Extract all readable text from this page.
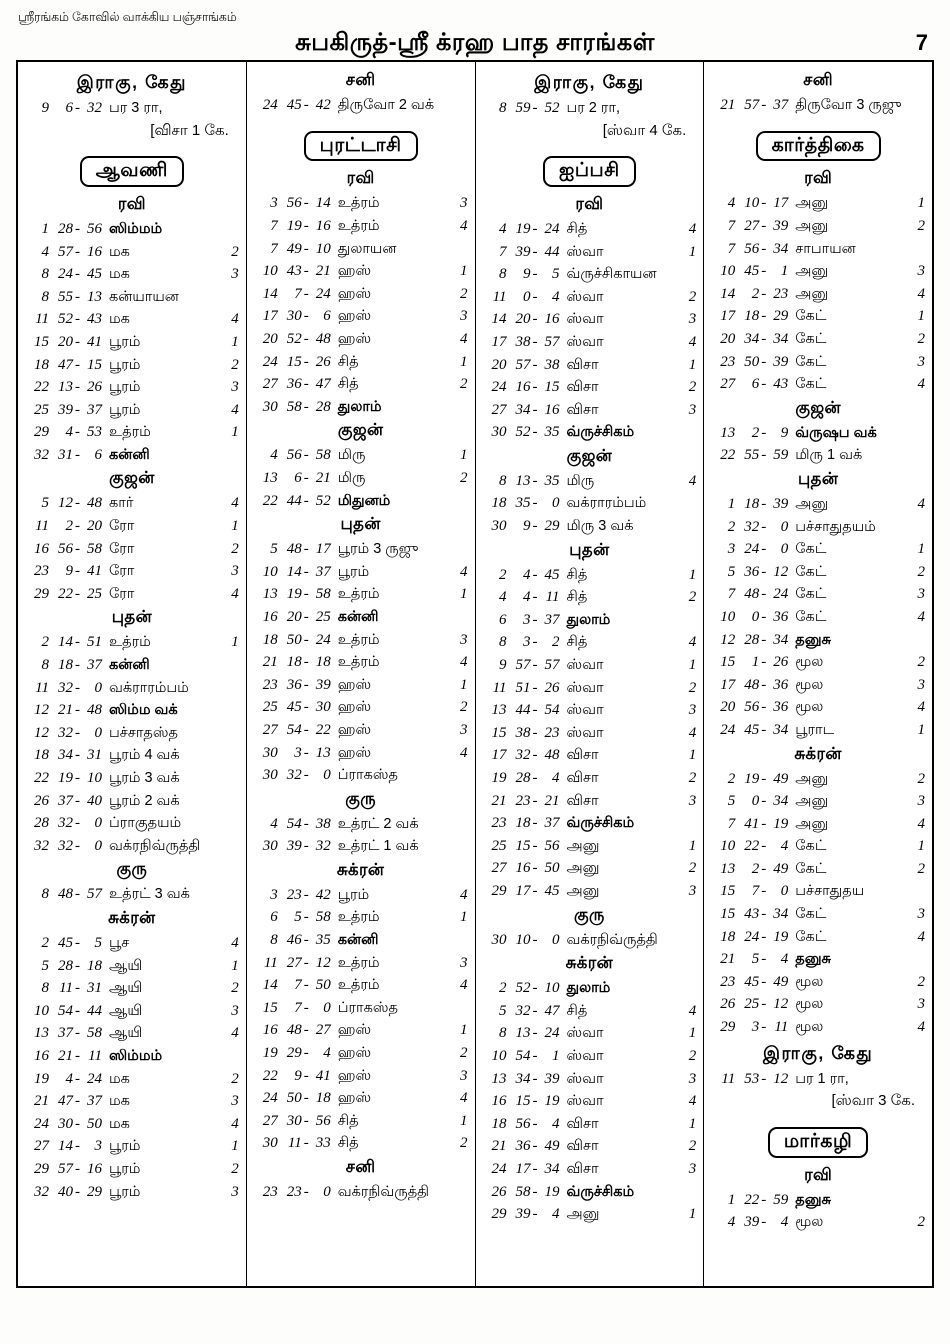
ஶ்ரீரங்கம் கோவில் வாக்கிய பஞ்சாங்கம்
சுபகிருத்-ஶ்ரீ க்ரஹ பாத சாரங்கள்	7
இராகு, கேது
9	6 - 32 பர 3 ரா,
[விசா 1 கே.
ஆவணி
ரவி
1 28 - 56 ஸிம்மம்
4 57 - 16 மக	2
8 24 - 45 மக	3
8 55 - 13 கன்யாயன
11 52 - 43 மக	4
15 20 - 41 பூரம்	1
18 47 - 15 பூரம்	2
22 13 - 26 பூரம்	3
25 39 - 37 பூரம்	4
29	4 - 53 உத்ரம்	1
32 31 - 6 கன்னி
குஜன்
5 12 - 48 கார்	4
11	2 - 20 ரோ	1
16 56 - 58 ரோ	2
23	9 - 41 ரோ	3
29 22 - 25 ரோ	4
புதன்
2 14 - 51 உத்ரம்	1
8 18 - 37 கன்னி
11 32 - 0 வக்ராரம்பம்
12 21 - 48 ஸிம்ம வக்
12 32 - 0 பச்சாதஸ்த
18 34 - 31 பூரம் 4 வக்
22 19 - 10 பூரம் 3 வக்
26 37 - 40 பூரம் 2 வக்
28 32 - 0 ப்ராகுதயம்
32 32 - 0 வக்ரநிவ்ருத்தி
குரு
8 48 - 57 உத்ரட் 3 வக்
சுக்ரன்
2 45 - 5 பூச	4
5 28 - 18 ஆயி	1
8 11 - 31 ஆயி	2
10 54 - 44 ஆயி	3
13 37 - 58 ஆயி	4
16 21 - 11 ஸிம்மம்
19	4 - 24 மக	2
21 47 - 37 மக	3
24 30 - 50 மக	4
27 14 - 3 பூரம்	1
29 57 - 16 பூரம்	2
32 40 - 29 பூரம்	3
சனி
24 45 - 42 திருவோ 2 வக்
புரட்டாசி
ரவி
3 56 - 14 உத்ரம்	3
7 19 - 16 உத்ரம்	4
7 49 - 10 துலாயன
10 43 - 21 ஹஸ்	1
14	7 - 24 ஹஸ்	2
17 30 - 6 ஹஸ்	3
20 52 - 48 ஹஸ்	4
24 15 - 26 சித்	1
27 36 - 47 சித்	2
30 58 - 28 துலாம்
குஜன்
4 56 - 58 மிரு	1
13	6 - 21 மிரு	2
22 44 - 52 மிதுனம்
புதன்
5 48 - 17 பூரம் 3 ருஜு
10 14 - 37 பூரம்	4
13 19 - 58 உத்ரம்	1
16 20 - 25 கன்னி
18 50 - 24 உத்ரம்	3
21 18 - 18 உத்ரம்	4
23 36 - 39 ஹஸ்	1
25 45 - 30 ஹஸ்	2
27 54 - 22 ஹஸ்	3
30	3 - 13 ஹஸ்	4
30 32 - 0 ப்ராகஸ்த
குரு
4 54 - 38 உத்ரட் 2 வக்
30 39 - 32 உத்ரட் 1 வக்
சுக்ரன்
3 23 - 42 பூரம்	4
6	5 - 58 உத்ரம்	1
8 46 - 35 கன்னி
11 27 - 12 உத்ரம்	3
14	7 - 50 உத்ரம்	4
15	7 - 0 ப்ராகஸ்த
16 48 - 27 ஹஸ்	1
19 29 - 4 ஹஸ்	2
22	9 - 41 ஹஸ்	3
24 50 - 18 ஹஸ்	4
27 30 - 56 சித்	1
30 11 - 33 சித்	2
சனி
23 23 - 0 வக்ரநிவ்ருத்தி
இராகு, கேது
8 59 - 52 பர 2 ரா,
[ஸ்வா 4 கே.
ஐப்பசி
ரவி
4 19 - 24 சித்	4
7 39 - 44 ஸ்வா	1
8	9 - 5 வ்ருச்சிகாயன
11	0 - 4 ஸ்வா	2
14 20 - 16 ஸ்வா	3
17 38 - 57 ஸ்வா	4
20 57 - 38 விசா	1
24 16 - 15 விசா	2
27 34 - 16 விசா	3
30 52 - 35 வ்ருச்சிகம்
குஜன்
8 13 - 35 மிரு	4
18 35 - 0 வக்ராரம்பம்
30	9 - 29 மிரு 3 வக்
புதன்
2	4 - 45 சித்	1
4	4 - 11 சித்	2
6	3 - 37 துலாம்
8	3 - 2 சித்	4
9 57 - 57 ஸ்வா	1
11 51 - 26 ஸ்வா	2
13 44 - 54 ஸ்வா	3
15 38 - 23 ஸ்வா	4
17 32 - 48 விசா	1
19 28 - 4 விசா	2
21 23 - 21 விசா	3
23 18 - 37 வ்ருச்சிகம்
25 15 - 56 அனு	1
27 16 - 50 அனு	2
29 17 - 45 அனு	3
குரு
30 10 - 0 வக்ரநிவ்ருத்தி
சுக்ரன்
2 52 - 10 துலாம்
5 32 - 47 சித்	4
8 13 - 24 ஸ்வா	1
10 54 - 1 ஸ்வா	2
13 34 - 39 ஸ்வா	3
16 15 - 19 ஸ்வா	4
18 56 - 4 விசா	1
21 36 - 49 விசா	2
24 17 - 34 விசா	3
26 58 - 19 வ்ருச்சிகம்
29 39 - 4 அனு	1
சனி
21 57 - 37 திருவோ 3 ருஜு
கார்த்திகை
ரவி
4 10 - 17 அனு	1
7 27 - 39 அனு	2
7 56 - 34 சாபாயன
10 45 - 1 அனு	3
14	2 - 23 அனு	4
17 18 - 29 கேட்	1
20 34 - 34 கேட்	2
23 50 - 39 கேட்	3
27	6 - 43 கேட்	4
குஜன்
13	2 - 9 வ்ருஷப வக்
22 55 - 59 மிரு 1 வக்
புதன்
1 18 - 39 அனு	4
2 32 - 0 பச்சாதுதயம்
3 24 - 0 கேட்	1
5 36 - 12 கேட்	2
7 48 - 24 கேட்	3
10	0 - 36 கேட்	4
12 28 - 34 தனுசு
15	1 - 26 மூல	2
17 48 - 36 மூல	3
20 56 - 36 மூல	4
24 45 - 34 பூராட	1
சுக்ரன்
2 19 - 49 அனு	2
5	0 - 34 அனு	3
7 41 - 19 அனு	4
10 22 - 4 கேட்	1
13	2 - 49 கேட்	2
15	7 - 0 பச்சாதுதய
15 43 - 34 கேட்	3
18 24 - 19 கேட்	4
21	5 - 4 தனுசு
23 45 - 49 மூல	2
26 25 - 12 மூல	3
29	3 - 11 மூல	4
இராகு, கேது
11 53 - 12 பர 1 ரா,
[ஸ்வா 3 கே.
மார்கழி
ரவி
1 22 - 59 தனுசு
4 39 - 4 மூல	2
